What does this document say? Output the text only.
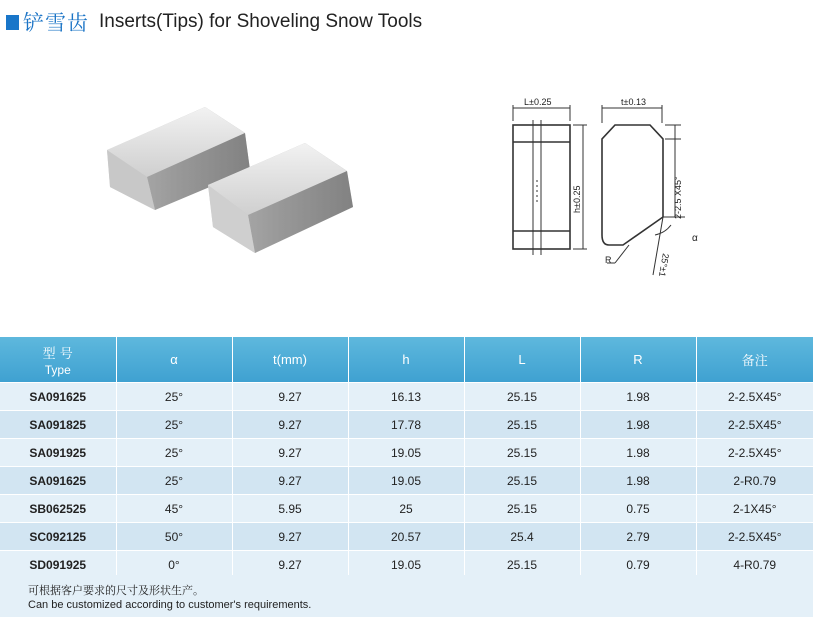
铲雪齿 Inserts(Tips) for Shoveling Snow Tools
L±0.25
h±0.25
t±0.13
2-2.5 X45°
α
R	25°±1
型 号
Type	α	t(mm)	h	L	R	备注
SA091625	25°	9.27	16.13	25.15	1.98	2-2.5X45°
SA091825	25°	9.27	17.78	25.15	1.98	2-2.5X45°
SA091925	25°	9.27	19.05	25.15	1.98	2-2.5X45°
SA091625	25°	9.27	19.05	25.15	1.98	2-R0.79
SB062525	45°	5.95	25	25.15	0.75	2-1X45°
SC092125	50°	9.27	20.57	25.4	2.79	2-2.5X45°
SD091925	0°	9.27	19.05	25.15	0.79	4-R0.79
可根据客户要求的尺寸及形状生产。
Can be customized according to customer's requirements.
